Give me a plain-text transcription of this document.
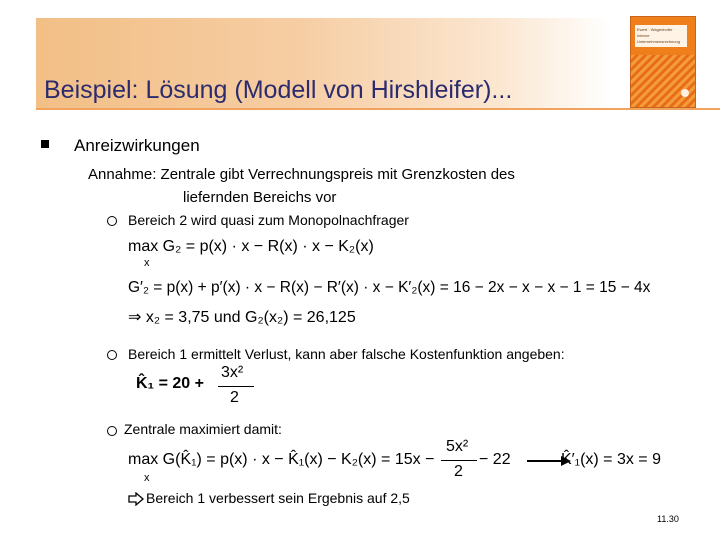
Beispiel: Lösung (Modell von Hirshleifer)...
Ewert · Wagenhofer
Interne
Unternehmensrechnung
Anreizwirkungen
Annahme: Zentrale gibt Verrechnungspreis mit Grenzkosten des
liefernden Bereichs vor
Bereich 2 wird quasi zum Monopolnachfrager
max G₂ = p(x) · x − R(x) · x − K₂(x)
x
G′₂ = p(x) + p′(x) · x − R(x) − R′(x) · x − K′₂(x) = 16 − 2x − x − x − 1 = 15 − 4x
⇒ x₂ = 3,75 und G₂(x₂) = 26,125
Bereich 1 ermittelt Verlust, kann aber falsche Kostenfunktion angeben:
K̂₁ = 20 +
3x²
2
Zentrale maximiert damit:
max G(K̂₁) = p(x) · x − K̂₁(x) − K₂(x) = 15x −
x
5x²
2
− 22	K̂′₁(x) = 3x = 9
Bereich 1 verbessert sein Ergebnis auf 2,5
11.30
